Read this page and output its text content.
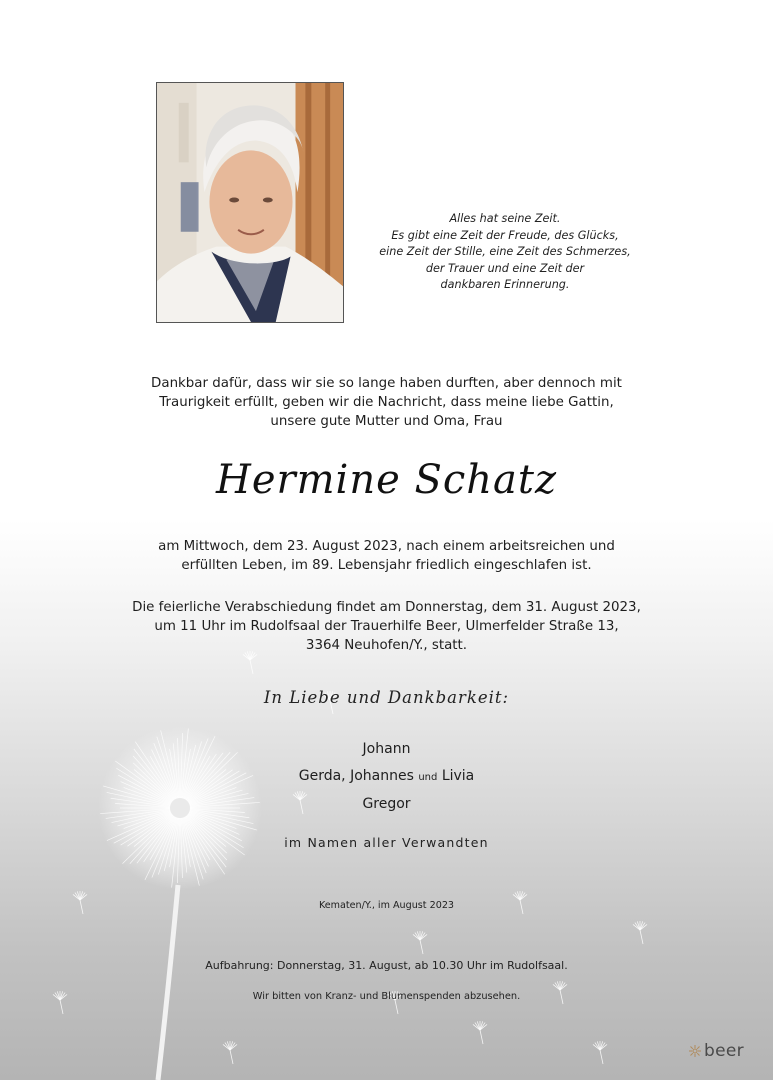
Alles hat seine Zeit.
Es gibt eine Zeit der Freude, des Glücks,
eine Zeit der Stille, eine Zeit des Schmerzes,
der Trauer und eine Zeit der
dankbaren Erinnerung.
Dankbar dafür, dass wir sie so lange haben durften, aber dennoch mit
Traurigkeit erfüllt, geben wir die Nachricht, dass meine liebe Gattin,
unsere gute Mutter und Oma, Frau
Hermine Schatz
am Mittwoch, dem 23. August 2023, nach einem arbeitsreichen und
erfüllten Leben, im 89. Lebensjahr friedlich eingeschlafen ist.
Die feierliche Verabschiedung findet am Donnerstag, dem 31. August 2023,
um 11 Uhr im Rudolfsaal der Trauerhilfe Beer, Ulmerfelder Straße 13,
3364 Neuhofen/Y., statt.
In Liebe und Dankbarkeit:
Johann
Gerda, Johannes und Livia
Gregor
im Namen aller Verwandten
Kematen/Y., im August 2023
Aufbahrung: Donnerstag, 31. August, ab 10.30 Uhr im Rudolfsaal.
Wir bitten von Kranz- und Blumenspenden abzusehen.
beer
